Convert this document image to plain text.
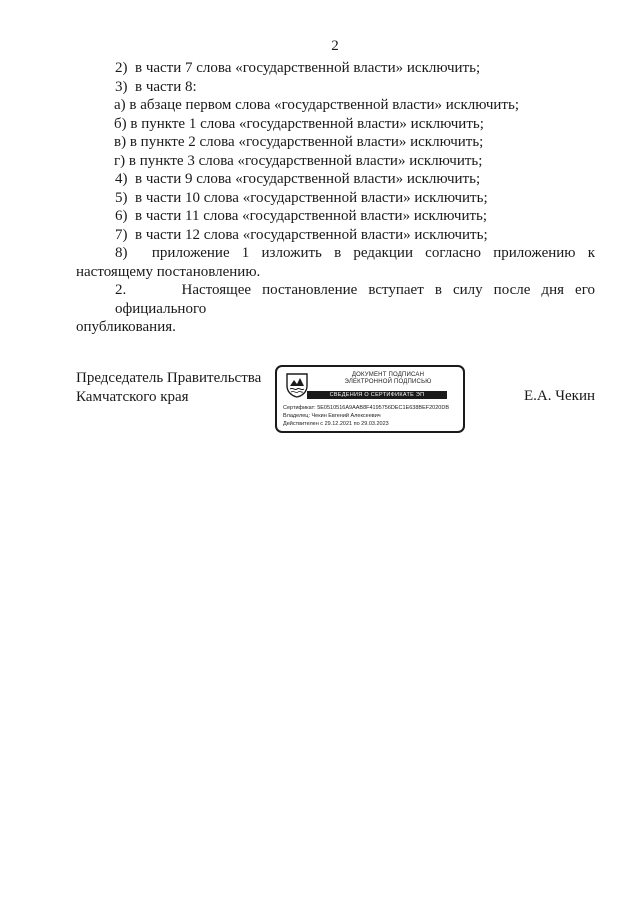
2
2)  в части 7 слова «государственной власти» исключить;
3)  в части 8:
а) в абзаце первом слова «государственной власти» исключить;
б) в пункте 1 слова «государственной власти» исключить;
в) в пункте 2 слова «государственной власти» исключить;
г) в пункте 3 слова «государственной власти» исключить;
4)  в части 9 слова «государственной власти» исключить;
5)  в части 10 слова «государственной власти» исключить;
6)  в части 11 слова «государственной власти» исключить;
7)  в части 12 слова «государственной власти» исключить;
8)  приложение 1 изложить в редакции согласно приложению к
настоящему постановлению.
2.     Настоящее постановление вступает в силу после дня его официального
опубликования.
Председатель Правительства
Камчатского края
ДОКУМЕНТ ПОДПИСАН
ЭЛЕКТРОННОЙ ПОДПИСЬЮ
СВЕДЕНИЯ О СЕРТИФИКАТЕ ЭП
Сертификат: 5E0510516A9AAB8F4195756DEC1E638BEF2020DB
Владелец: Чекин Евгений Алексеевич
Действителен с 29.12.2021 по 29.03.2023
Е.А. Чекин
